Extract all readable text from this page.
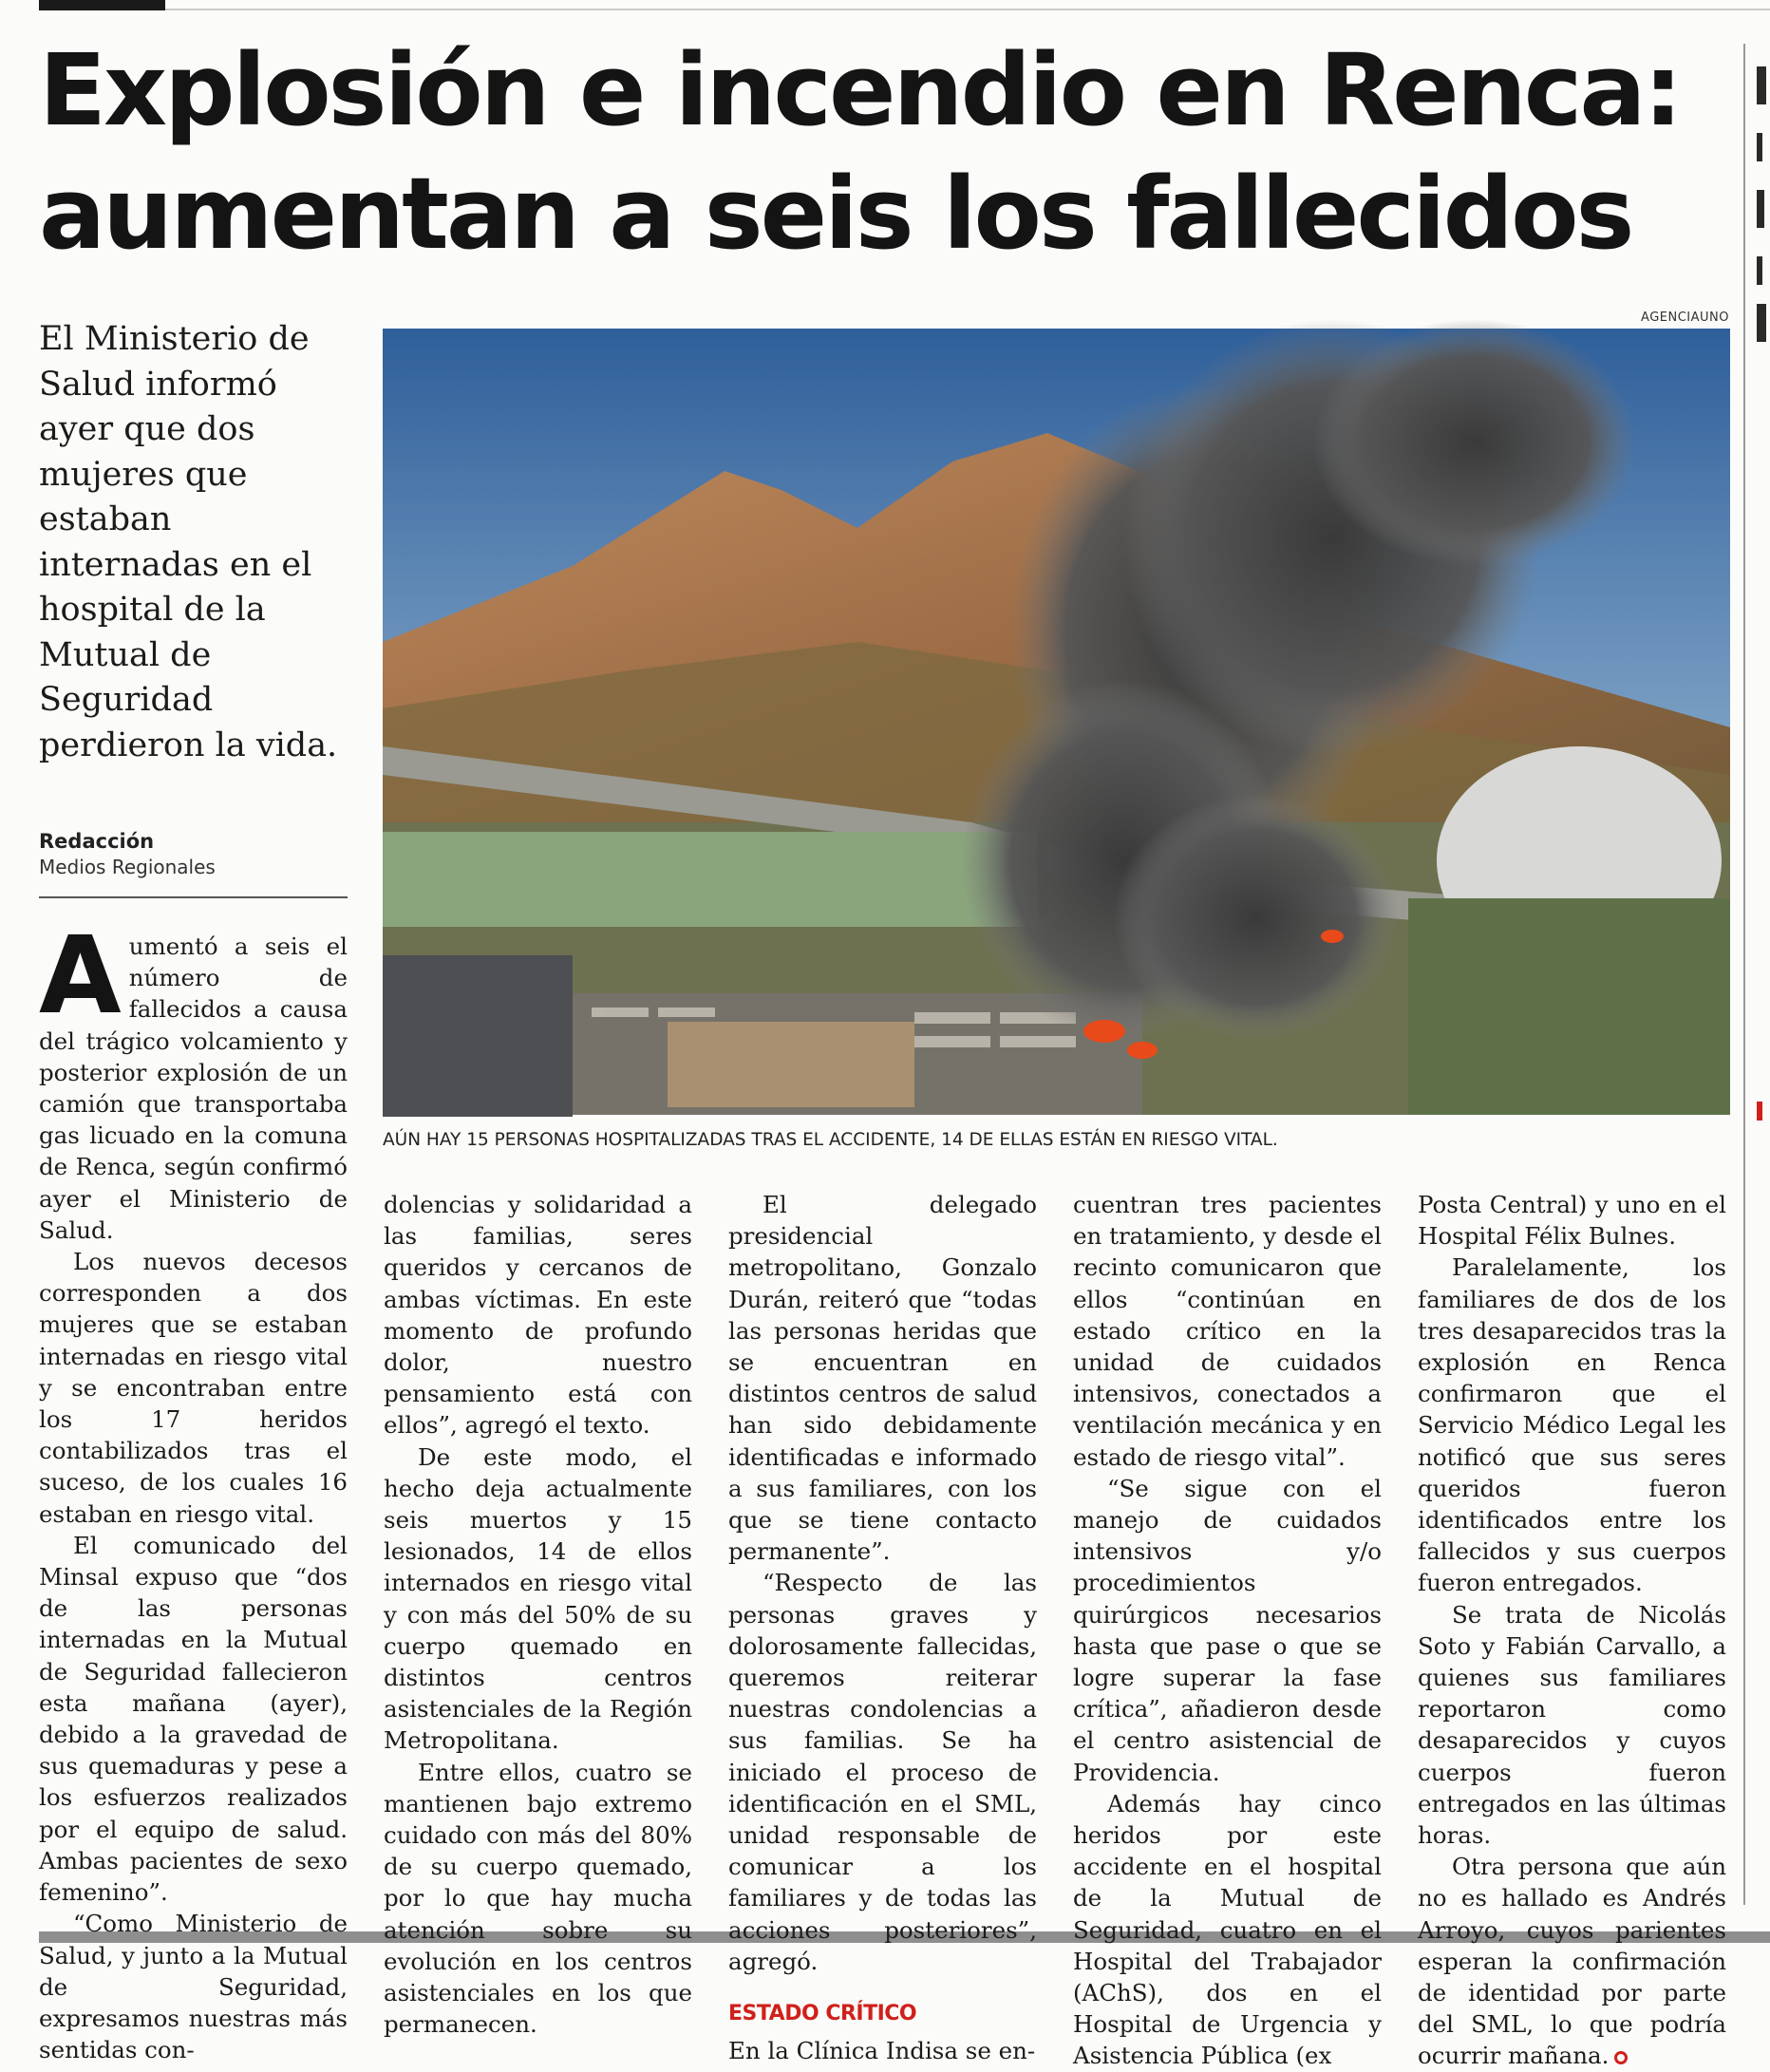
Explosión e incendio en Renca: aumentan a seis los fallecidos

El Ministerio de Salud informó ayer que dos mujeres que estaban internadas en el hospital de la Mutual de Seguridad perdieron la vida.

Redacción
Medios Regionales
AGENCIAUNO
AÚN HAY 15 PERSONAS HOSPITALIZADAS TRAS EL ACCIDENTE, 14 DE ELLAS ESTÁN EN RIESGO VITAL.
A umentó a seis el número de fallecidos a causa del trágico volcamiento y posterior explosión de un camión que transportaba gas licuado en la comuna de Renca, según confirmó ayer el Ministerio de Salud.

Los nuevos decesos corresponden a dos mujeres que se estaban internadas en riesgo vital y se encontraban entre los 17 heridos contabilizados tras el suceso, de los cuales 16 estaban en riesgo vital.

El comunicado del Minsal expuso que “dos de las personas internadas en la Mutual de Seguridad fallecieron esta mañana (ayer), debido a la gravedad de sus quemaduras y pese a los esfuerzos realizados por el equipo de salud. Ambas pacientes de sexo femenino”.

“Como Ministerio de Salud, y junto a la Mutual de Seguridad, expresamos nuestras más sentidas con-

dolencias y solidaridad a las familias, seres queridos y cercanos de ambas víctimas. En este momento de profundo dolor, nuestro pensamiento está con ellos”, agregó el texto.

De este modo, el hecho deja actualmente seis muertos y 15 lesionados, 14 de ellos internados en riesgo vital y con más del 50% de su cuerpo quemado en distintos centros asistenciales de la Región Metropolitana.

Entre ellos, cuatro se mantienen bajo extremo cuidado con más del 80% de su cuerpo quemado, por lo que hay mucha atención sobre su evolución en los centros asistenciales en los que permanecen.

El delegado presidencial metropolitano, Gonzalo Durán, reiteró que “todas las personas heridas que se encuentran en distintos centros de salud han sido debidamente identificadas e informado a sus familiares, con los que se tiene contacto permanente”.

“Respecto de las personas graves y dolorosamente fallecidas, queremos reiterar nuestras condolencias a sus familias. Se ha iniciado el proceso de identificación en el SML, unidad responsable de comunicar a los familiares y de todas las acciones posteriores”, agregó.

ESTADO CRÍTICO

En la Clínica Indisa se en-

cuentran tres pacientes en tratamiento, y desde el recinto comunicaron que ellos “continúan en estado crítico en la unidad de cuidados intensivos, conectados a ventilación mecánica y en estado de riesgo vital”.

“Se sigue con el manejo de cuidados intensivos y/o procedimientos quirúrgicos necesarios hasta que pase o que se logre superar la fase crítica”, añadieron desde el centro asistencial de Providencia.

Además hay cinco heridos por este accidente en el hospital de la Mutual de Seguridad, cuatro en el Hospital del Trabajador (AChS), dos en el Hospital de Urgencia y Asistencia Pública (ex

Posta Central) y uno en el Hospital Félix Bulnes.

Paralelamente, los familiares de dos de los tres desaparecidos tras la explosión en Renca confirmaron que el Servicio Médico Legal les notificó que sus seres queridos fueron identificados entre los fallecidos y sus cuerpos fueron entregados.

Se trata de Nicolás Soto y Fabián Carvallo, a quienes sus familiares reportaron como desaparecidos y cuyos cuerpos fueron entregados en las últimas horas.

Otra persona que aún no es hallado es Andrés Arroyo, cuyos parientes esperan la confirmación de identidad por parte del SML, lo que podría ocurrir mañana.
